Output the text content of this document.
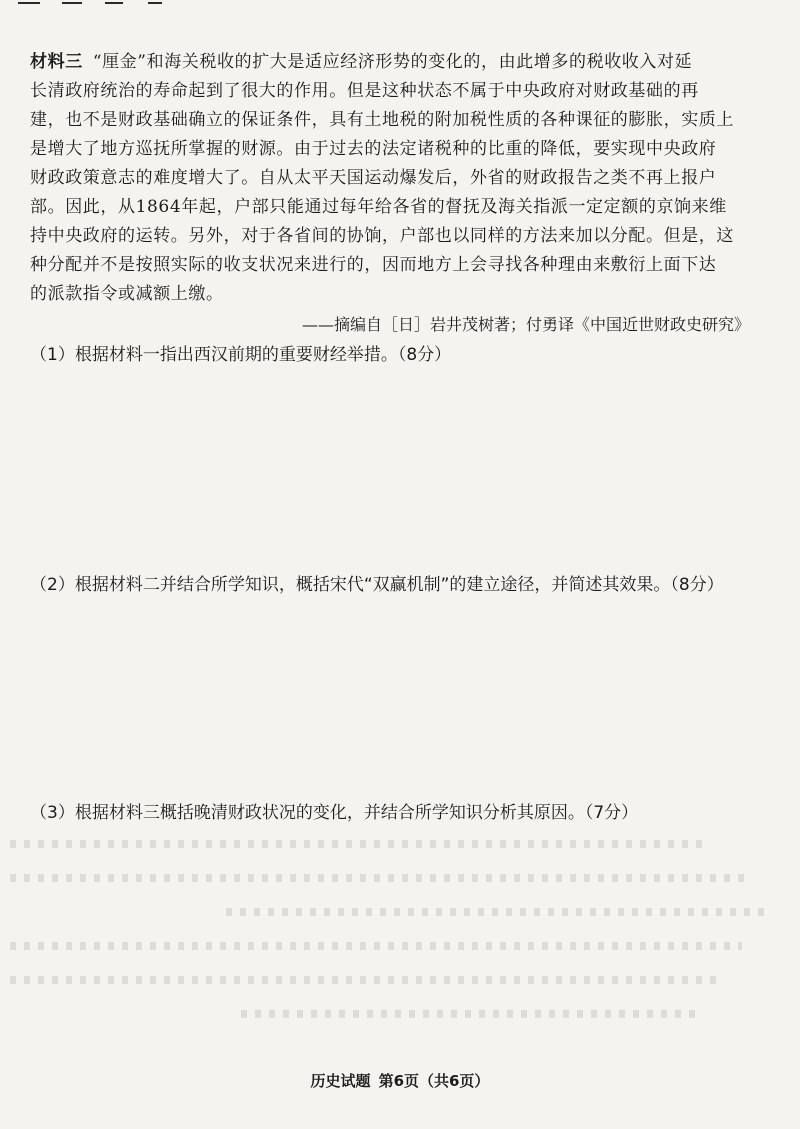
材料三 “厘金”和海关税收的扩大是适应经济形势的变化的，由此增多的税收收入对延
长清政府统治的寿命起到了很大的作用。但是这种状态不属于中央政府对财政基础的再
建，也不是财政基础确立的保证条件，具有土地税的附加税性质的各种课征的膨胀，实质上
是增大了地方巡抚所掌握的财源。由于过去的法定诸税种的比重的降低，要实现中央政府
财政政策意志的难度增大了。自从太平天国运动爆发后，外省的财政报告之类不再上报户
部。因此，从1864年起，户部只能通过每年给各省的督抚及海关指派一定定额的京饷来维
持中央政府的运转。另外，对于各省间的协饷，户部也以同样的方法来加以分配。但是，这
种分配并不是按照实际的收支状况来进行的，因而地方上会寻找各种理由来敷衍上面下达
的派款指令或减额上缴。
——摘编自［日］岩井茂树著；付勇译《中国近世财政史研究》
（1）根据材料一指出西汉前期的重要财经举措。（8分）
（2）根据材料二并结合所学知识，概括宋代“双赢机制”的建立途径，并简述其效果。（8分）
（3）根据材料三概括晚清财政状况的变化，并结合所学知识分析其原因。（7分）
历史试题 第6页（共6页）
